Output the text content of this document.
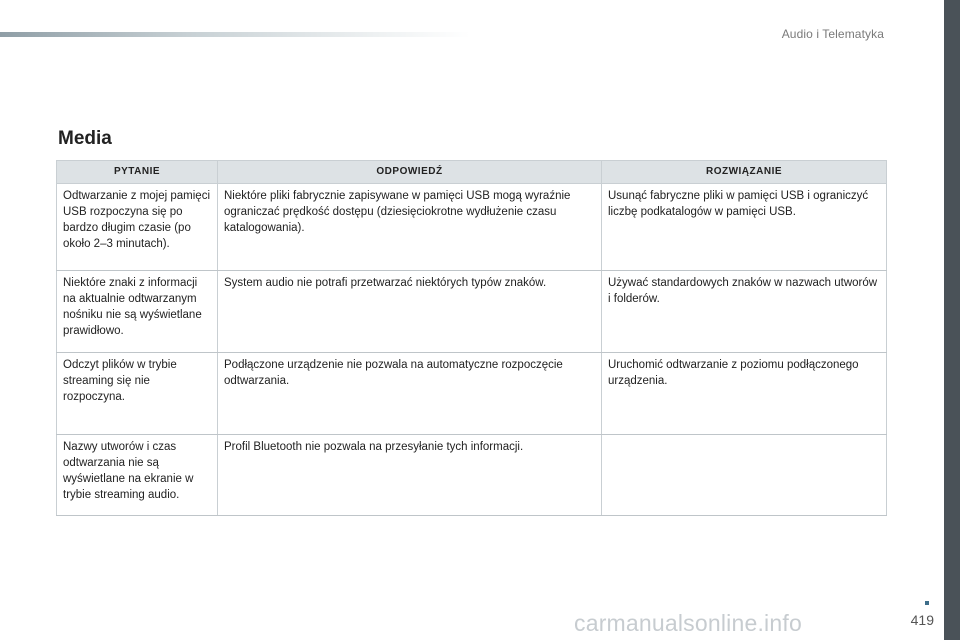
Audio i Telematyka
Media
PYTANIE	ODPOWIEDŹ	ROZWIĄZANIE
Odtwarzanie z mojej pamięci USB rozpoczyna się po bardzo długim czasie (po około 2–3 minutach).	Niektóre pliki fabrycznie zapisywane w pamięci USB mogą wyraźnie ograniczać prędkość dostępu (dziesięciokrotne wydłużenie czasu katalogowania).	Usunąć fabryczne pliki w pamięci USB i ograniczyć liczbę podkatalogów w pamięci USB.
Niektóre znaki z informacji na aktualnie odtwarzanym nośniku nie są wyświetlane prawidłowo.	System audio nie potrafi przetwarzać niektórych typów znaków.	Używać standardowych znaków w nazwach utworów i folderów.
Odczyt plików w trybie streaming się nie rozpoczyna.	Podłączone urządzenie nie pozwala na automatyczne rozpoczęcie odtwarzania.	Uruchomić odtwarzanie z poziomu podłączonego urządzenia.
Nazwy utworów i czas odtwarzania nie są wyświetlane na ekranie w trybie streaming audio.	Profil Bluetooth nie pozwala na przesyłanie tych informacji.	
carmanualsonline.info	419
